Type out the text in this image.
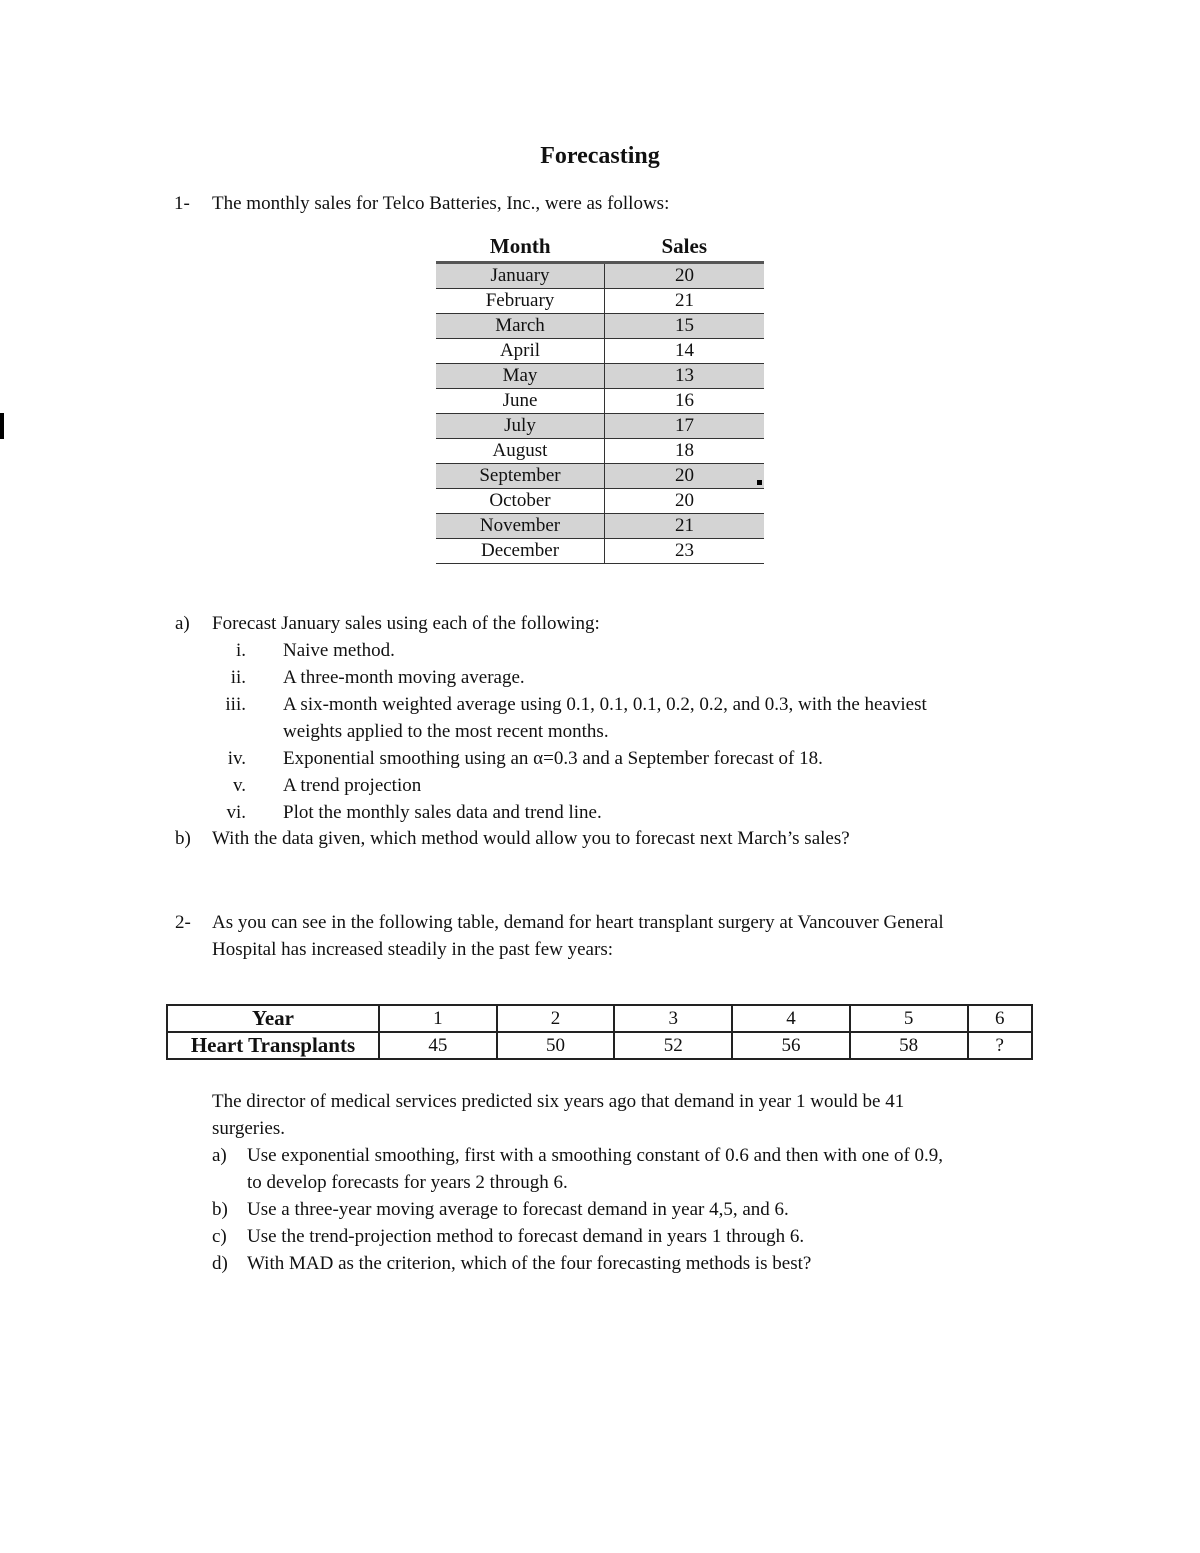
Forecasting
1-	The monthly sales for Telco Batteries, Inc., were as follows:
Month	Sales
January	20
February	21
March	15
April	14
May	13
June	16
July	17
August	18
September	20
October	20
November	21
December	23
a)	Forecast January sales using each of the following:
i. Naive method.
ii. A three-month moving average.
iii. A six-month weighted average using 0.1, 0.1, 0.1, 0.2, 0.2, and 0.3, with the heaviest
weights applied to the most recent months.
iv. Exponential smoothing using an α=0.3 and a September forecast of 18.
v. A trend projection
vi. Plot the monthly sales data and trend line.
b)	With the data given, which method would allow you to forecast next March’s sales?
2-	As you can see in the following table, demand for heart transplant surgery at Vancouver General
Hospital has increased steadily in the past few years:
Year	1	2	3	4	5	6
Heart Transplants	45	50	52	56	58	?
The director of medical services predicted six years ago that demand in year 1 would be 41
surgeries.
a)	Use exponential smoothing, first with a smoothing constant of 0.6 and then with one of 0.9,
to develop forecasts for years 2 through 6.
b)	Use a three-year moving average to forecast demand in year 4,5, and 6.
c)	Use the trend-projection method to forecast demand in years 1 through 6.
d)	With MAD as the criterion, which of the four forecasting methods is best?
